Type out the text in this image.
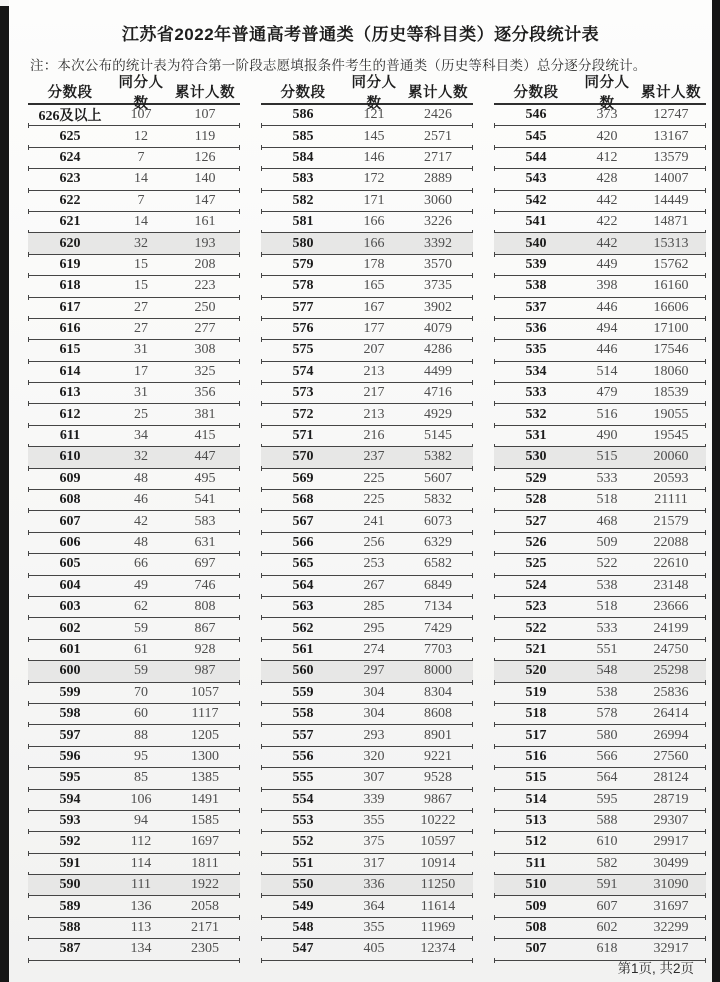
江苏省2022年普通高考普通类（历史等科目类）逐分段统计表
注：本次公布的统计表为符合第一阶段志愿填报条件考生的普通类（历史等科目类）总分逐分段统计。
分数段
同分人数
累计人数
626及以上	107	107
625	12	119
624	7	126
623	14	140
622	7	147
621	14	161
620	32	193
619	15	208
618	15	223
617	27	250
616	27	277
615	31	308
614	17	325
613	31	356
612	25	381
611	34	415
610	32	447
609	48	495
608	46	541
607	42	583
606	48	631
605	66	697
604	49	746
603	62	808
602	59	867
601	61	928
600	59	987
599	70	1057
598	60	1117
597	88	1205
596	95	1300
595	85	1385
594	106	1491
593	94	1585
592	112	1697
591	114	1811
590	111	1922
589	136	2058
588	113	2171
587	134	2305
分数段
同分人数
累计人数
586	121	2426
585	145	2571
584	146	2717
583	172	2889
582	171	3060
581	166	3226
580	166	3392
579	178	3570
578	165	3735
577	167	3902
576	177	4079
575	207	4286
574	213	4499
573	217	4716
572	213	4929
571	216	5145
570	237	5382
569	225	5607
568	225	5832
567	241	6073
566	256	6329
565	253	6582
564	267	6849
563	285	7134
562	295	7429
561	274	7703
560	297	8000
559	304	8304
558	304	8608
557	293	8901
556	320	9221
555	307	9528
554	339	9867
553	355	10222
552	375	10597
551	317	10914
550	336	11250
549	364	11614
548	355	11969
547	405	12374
分数段
同分人数
累计人数
546	373	12747
545	420	13167
544	412	13579
543	428	14007
542	442	14449
541	422	14871
540	442	15313
539	449	15762
538	398	16160
537	446	16606
536	494	17100
535	446	17546
534	514	18060
533	479	18539
532	516	19055
531	490	19545
530	515	20060
529	533	20593
528	518	21111
527	468	21579
526	509	22088
525	522	22610
524	538	23148
523	518	23666
522	533	24199
521	551	24750
520	548	25298
519	538	25836
518	578	26414
517	580	26994
516	566	27560
515	564	28124
514	595	28719
513	588	29307
512	610	29917
511	582	30499
510	591	31090
509	607	31697
508	602	32299
507	618	32917
第1页, 共2页
